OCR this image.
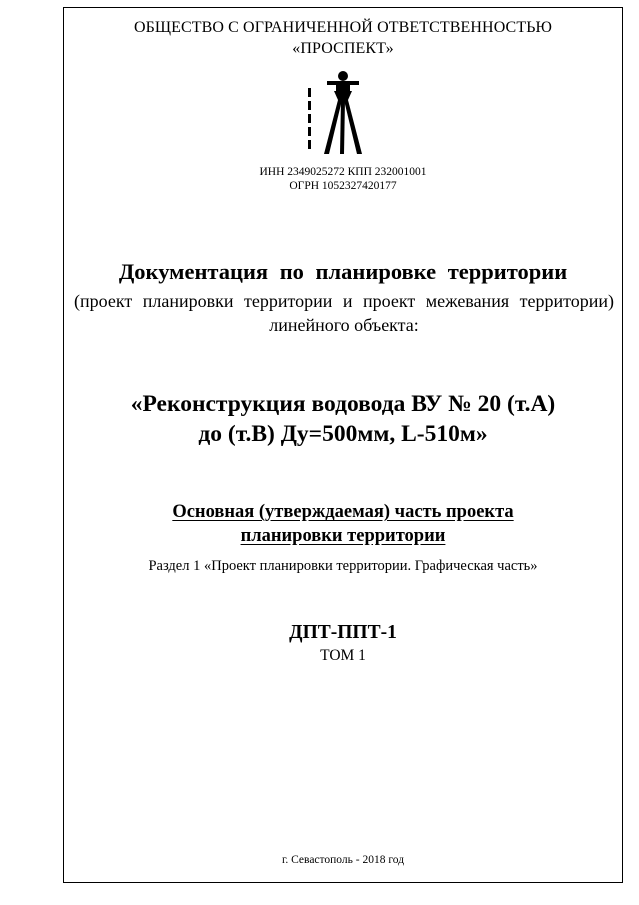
ОБЩЕСТВО С ОГРАНИЧЕННОЙ ОТВЕТСТВЕННОСТЬЮ
«ПРОСПЕКТ»
ИНН 2349025272 КПП 232001001
ОГРН 1052327420177
Документация по планировке территории
(проект планировки территории и проект межевания территории) линейного объекта:
«Реконструкция водовода ВУ № 20 (т.А)
до (т.В) Ду=500мм, L-510м»
Основная (утверждаемая) часть проекта
планировки территории
Раздел 1 «Проект планировки территории. Графическая часть»
ДПТ-ППТ-1
ТОМ 1
г. Севастополь - 2018 год
